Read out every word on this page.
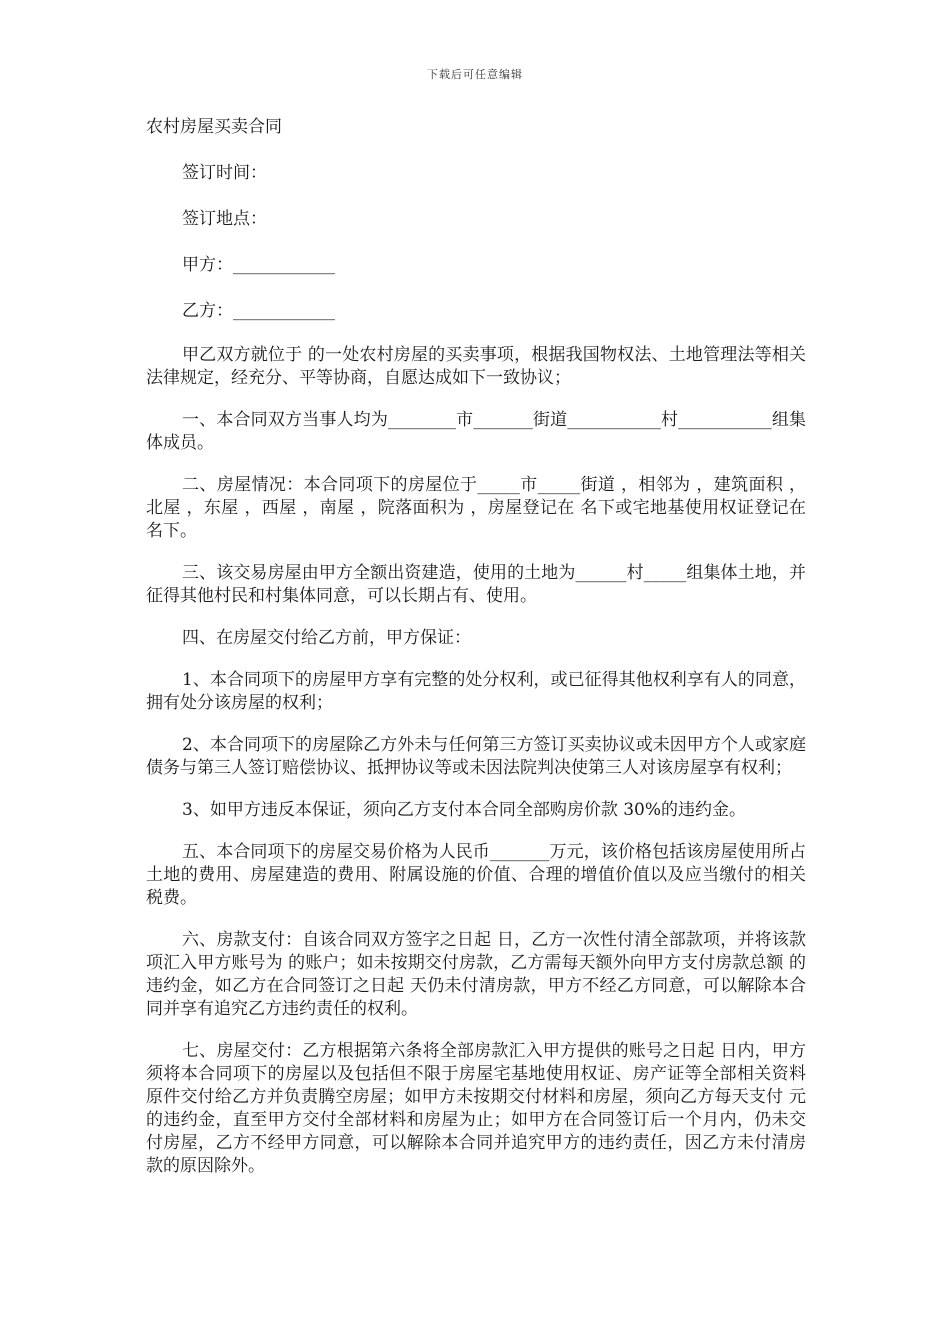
下载后可任意编辑
农村房屋买卖合同
签订时间：
签订地点：
甲方：____________
乙方：____________

甲乙双方就位于 的一处农村房屋的买卖事项，根据我国物权法、土地管理法等相关法律规定，经充分、平等协商，自愿达成如下一致协议；

一、本合同双方当事人均为________市_______街道___________村___________组集体成员。

二、房屋情况：本合同项下的房屋位于_____市_____街道 ，相邻为 ，建筑面积 ，北屋 ，东屋 ，西屋 ，南屋 ，院落面积为 ，房屋登记在 名下或宅地基使用权证登记在 名下。

三、该交易房屋由甲方全额出资建造，使用的土地为______村_____组集体土地，并征得其他村民和村集体同意，可以长期占有、使用。

四、在房屋交付给乙方前，甲方保证：

1、本合同项下的房屋甲方享有完整的处分权利，或已征得其他权利享有人的同意，拥有处分该房屋的权利；

2、本合同项下的房屋除乙方外未与任何第三方签订买卖协议或未因甲方个人或家庭债务与第三人签订赔偿协议、抵押协议等或未因法院判决使第三人对该房屋享有权利；

3、如甲方违反本保证，须向乙方支付本合同全部购房价款 30%的违约金。

五、本合同项下的房屋交易价格为人民币_______万元，该价格包括该房屋使用所占土地的费用、房屋建造的费用、附属设施的价值、合理的增值价值以及应当缴付的相关税费。

六、房款支付：自该合同双方签字之日起 日，乙方一次性付清全部款项，并将该款项汇入甲方账号为 的账户；如未按期交付房款，乙方需每天额外向甲方支付房款总额 的违约金，如乙方在合同签订之日起 天仍未付清房款，甲方不经乙方同意，可以解除本合同并享有追究乙方违约责任的权利。

七、房屋交付：乙方根据第六条将全部房款汇入甲方提供的账号之日起 日内，甲方须将本合同项下的房屋以及包括但不限于房屋宅基地使用权证、房产证等全部相关资料原件交付给乙方并负责腾空房屋；如甲方未按期交付材料和房屋，须向乙方每天支付 元的违约金，直至甲方交付全部材料和房屋为止；如甲方在合同签订后一个月内，仍未交付房屋，乙方不经甲方同意，可以解除本合同并追究甲方的违约责任，因乙方未付清房款的原因除外。
